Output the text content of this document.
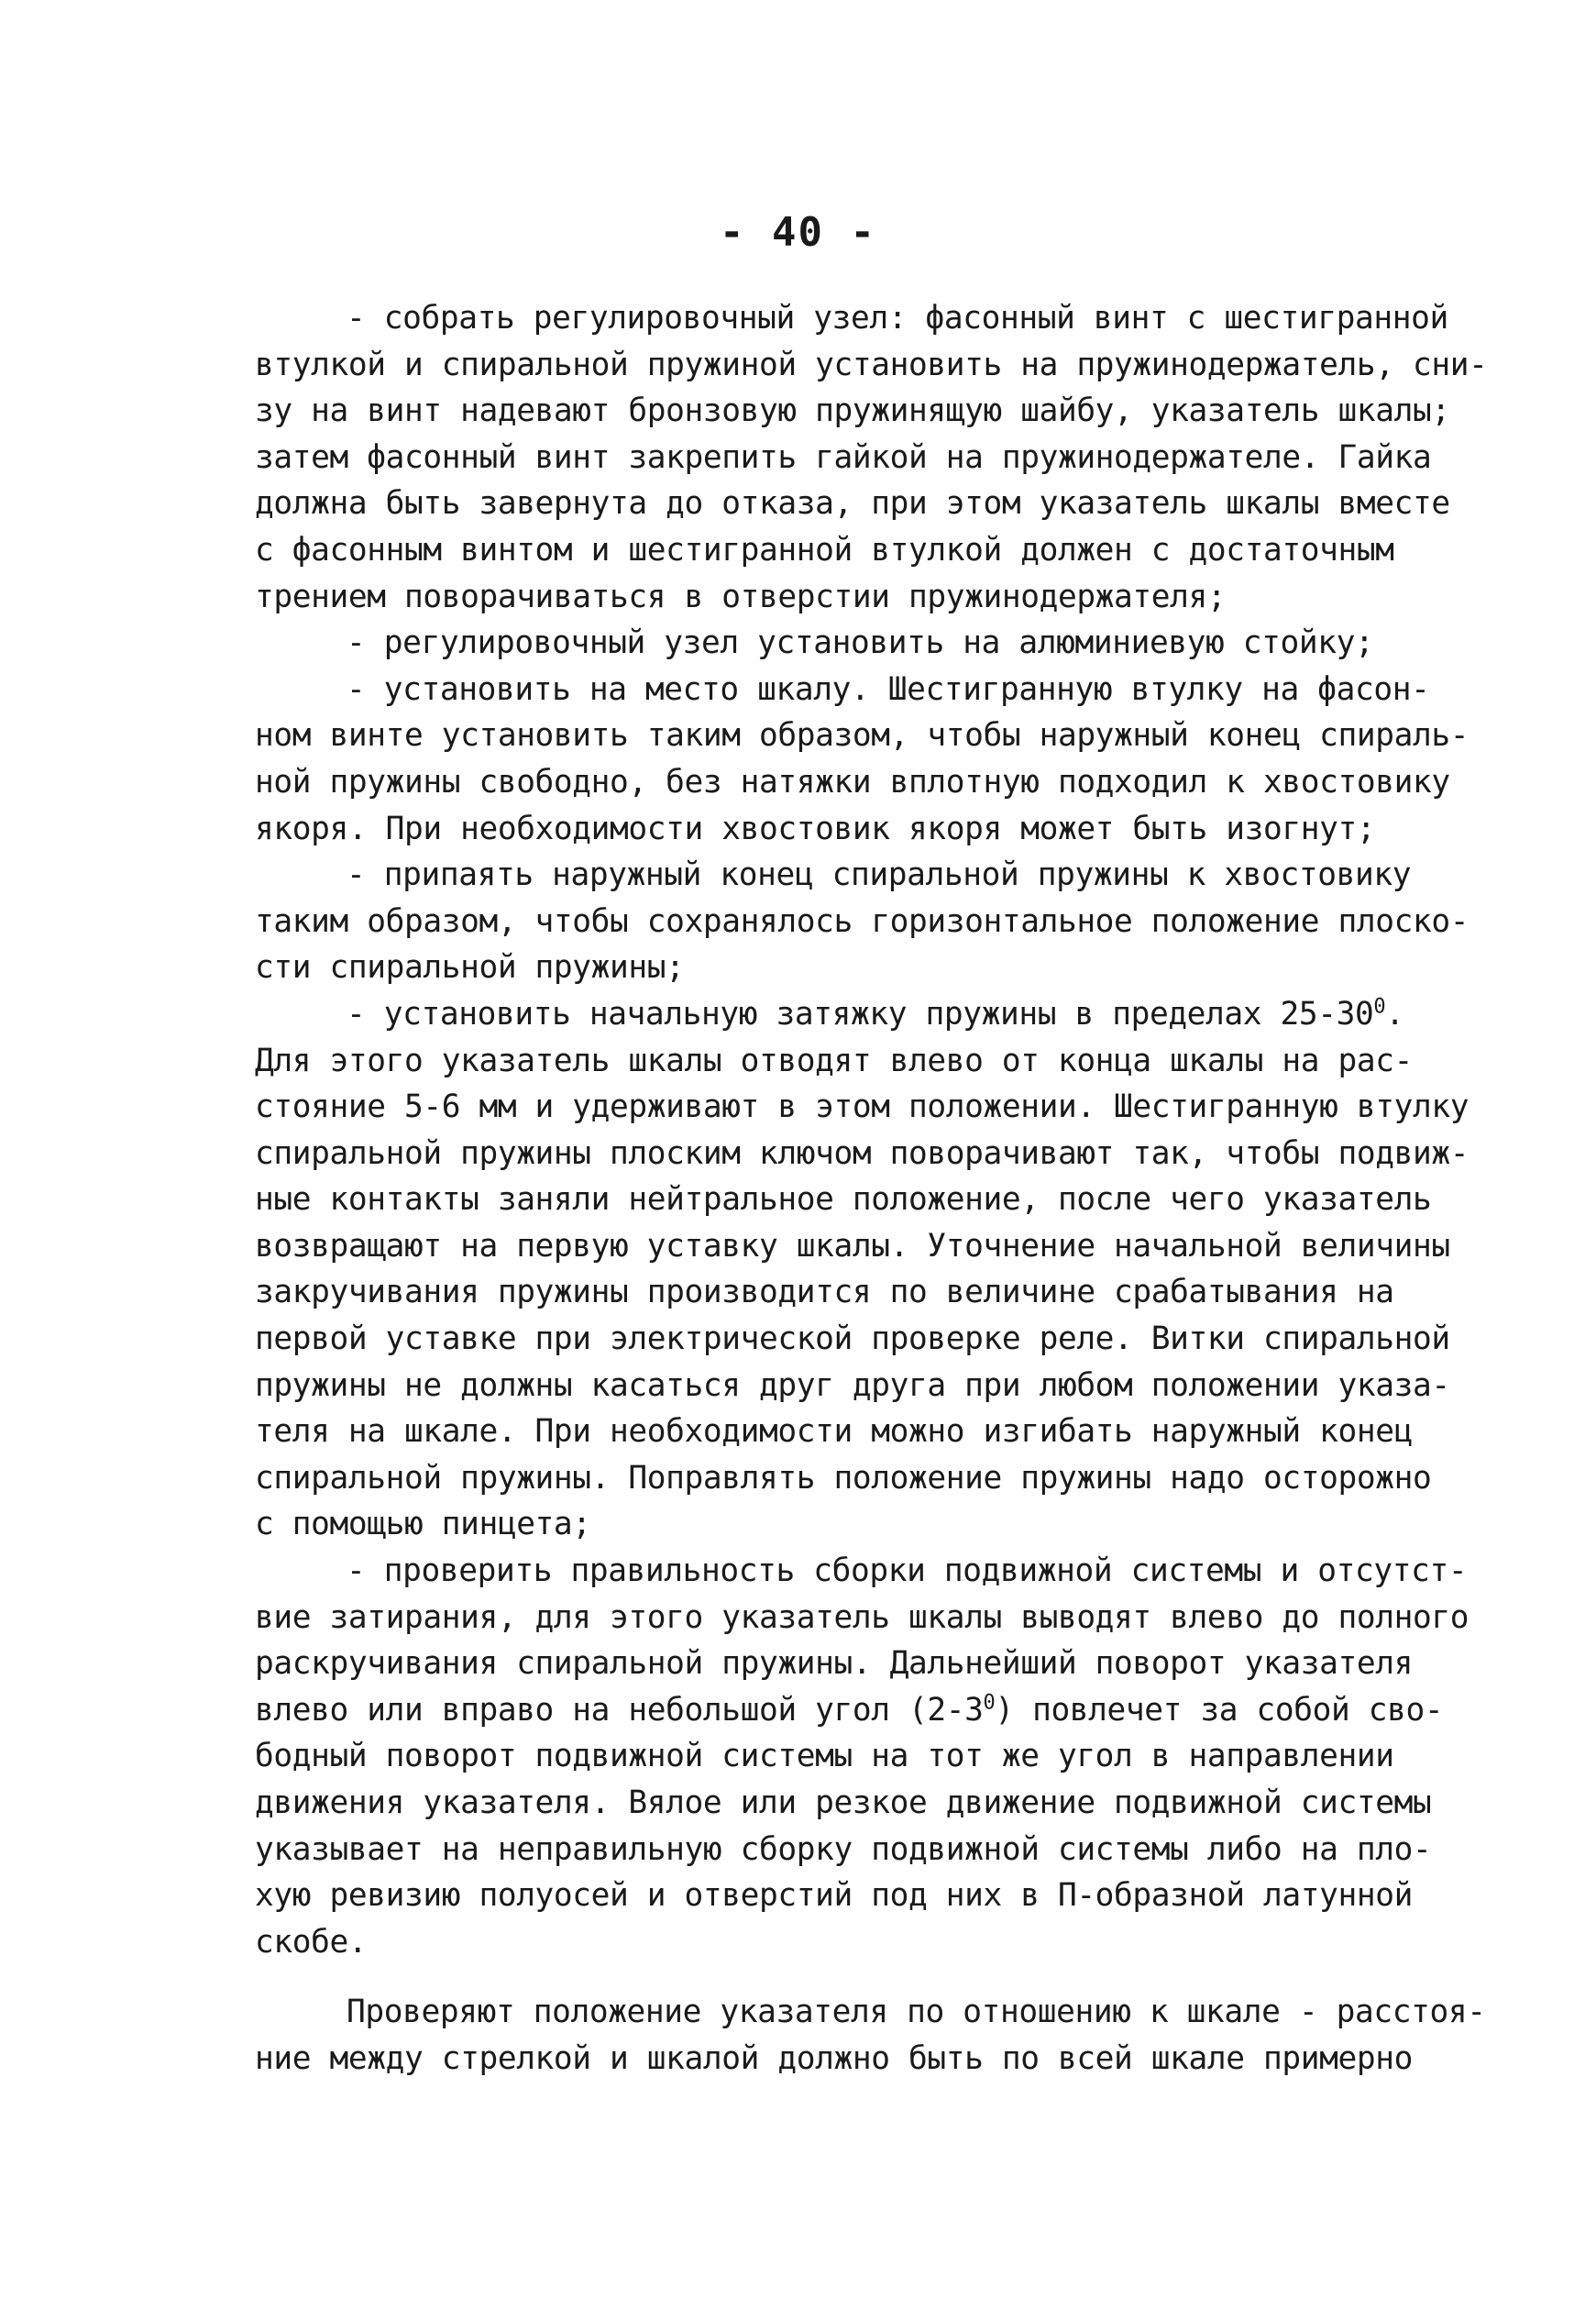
- 40 -
- собрать регулировочный узел: фасонный винт с шестигранной
втулкой и спиральной пружиной установить на пружинодержатель, сни-
зу на винт надевают бронзовую пружинящую шайбу, указатель шкалы;
затем фасонный винт закрепить гайкой на пружинодержателе. Гайка
должна быть завернута до отказа, при этом указатель шкалы вместе
с фасонным винтом и шестигранной втулкой должен с достаточным
трением поворачиваться в отверстии пружинодержателя;
- регулировочный узел установить на алюминиевую стойку;
- установить на место шкалу. Шестигранную втулку на фасон-
ном винте установить таким образом, чтобы наружный конец спираль-
ной пружины свободно, без натяжки вплотную подходил к хвостовику
якоря. При необходимости хвостовик якоря может быть изогнут;
- припаять наружный конец спиральной пружины к хвостовику
таким образом, чтобы сохранялось горизонтальное положение плоско-
сти спиральной пружины;
- установить начальную затяжку пружины в пределах $25-30^0$.
Для этого указатель шкалы отводят влево от конца шкалы на рас-
стояние 5-6 мм и удерживают в этом положении. Шестигранную втулку
спиральной пружины плоским ключом поворачивают так, чтобы подвиж-
ные контакты заняли нейтральное положение, после чего указатель
возвращают на первую уставку шкалы. Уточнение начальной величины
закручивания пружины производится по величине срабатывания на
первой уставке при электрической проверке реле. Витки спиральной
пружины не должны касаться друг друга при любом положении указа-
теля на шкале. При необходимости можно изгибать наружный конец
спиральной пружины. Поправлять положение пружины надо осторожно
с помощью пинцета;
- проверить правильность сборки подвижной системы и отсутст-
вие затирания, для этого указатель шкалы выводят влево до полного
раскручивания спиральной пружины. Дальнейший поворот указателя
влево или вправо на небольшой угол $(2-3^0)$ повлечет за собой сво-
бодный поворот подвижной системы на тот же угол в направлении
движения указателя. Вялое или резкое движение подвижной системы
указывает на неправильную сборку подвижной системы либо на пло-
хую ревизию полуосей и отверстий под них в П-образной латунной
скобе.
Проверяют положение указателя по отношению к шкале - расстоя-
ние между стрелкой и шкалой должно быть по всей шкале примерно
